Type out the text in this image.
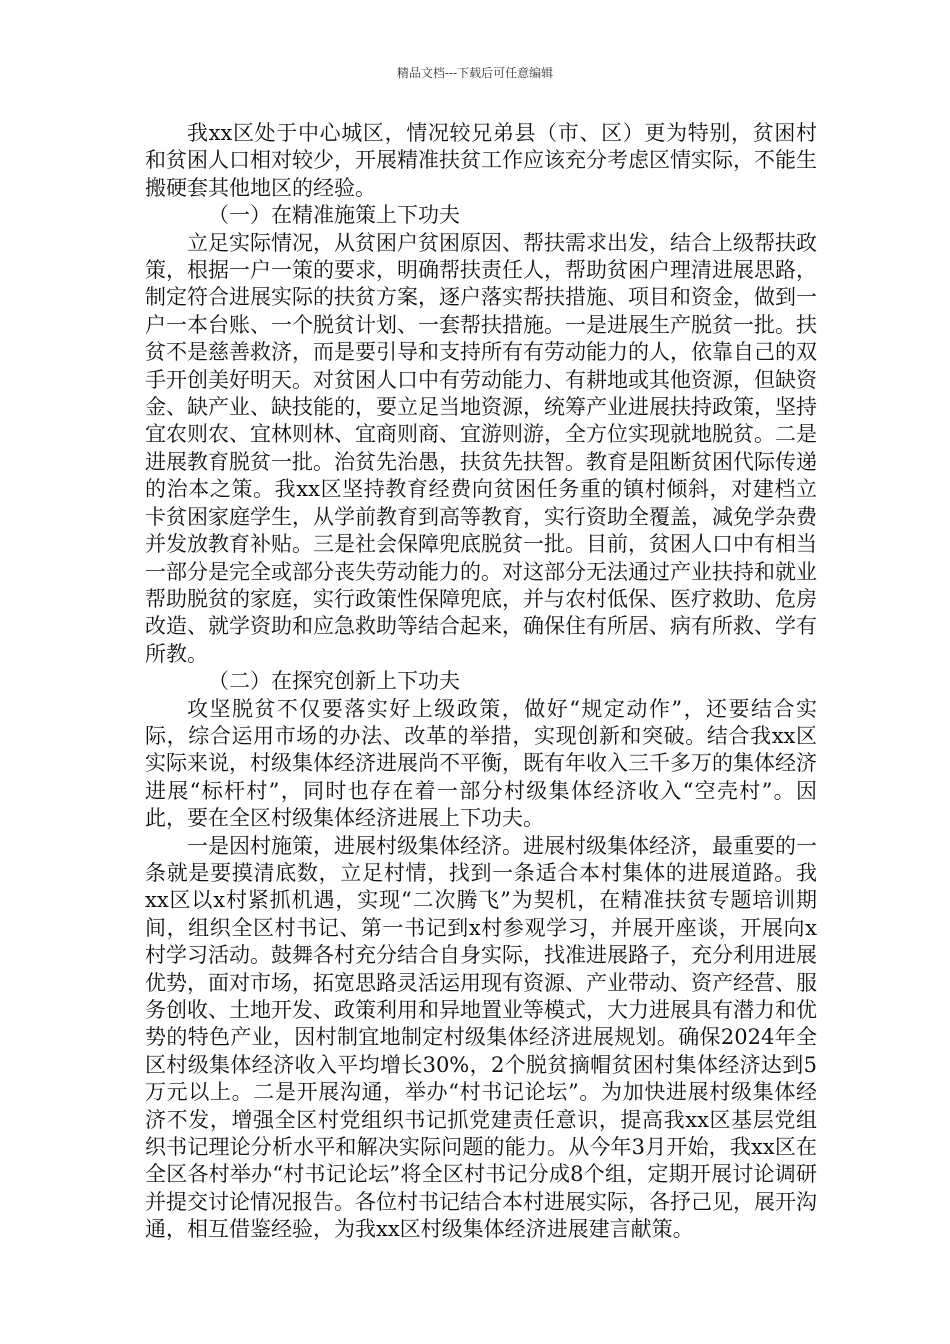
精品文档---下载后可任意编辑

我xx区处于中心城区，情况较兄弟县（市、区）更为特别，贫困村和贫困人口相对较少，开展精准扶贫工作应该充分考虑区情实际，不能生搬硬套其他地区的经验。

（一）在精准施策上下功夫

立足实际情况，从贫困户贫困原因、帮扶需求出发，结合上级帮扶政策，根据一户一策的要求，明确帮扶责任人，帮助贫困户理清进展思路，制定符合进展实际的扶贫方案，逐户落实帮扶措施、项目和资金，做到一户一本台账、一个脱贫计划、一套帮扶措施。一是进展生产脱贫一批。扶贫不是慈善救济，而是要引导和支持所有有劳动能力的人，依靠自己的双手开创美好明天。对贫困人口中有劳动能力、有耕地或其他资源，但缺资金、缺产业、缺技能的，要立足当地资源，统筹产业进展扶持政策，坚持宜农则农、宜林则林、宜商则商、宜游则游，全方位实现就地脱贫。二是进展教育脱贫一批。治贫先治愚，扶贫先扶智。教育是阻断贫困代际传递的治本之策。我xx区坚持教育经费向贫困任务重的镇村倾斜，对建档立卡贫困家庭学生，从学前教育到高等教育，实行资助全覆盖，减免学杂费并发放教育补贴。三是社会保障兜底脱贫一批。目前，贫困人口中有相当一部分是完全或部分丧失劳动能力的。对这部分无法通过产业扶持和就业帮助脱贫的家庭，实行政策性保障兜底，并与农村低保、医疗救助、危房改造、就学资助和应急救助等结合起来，确保住有所居、病有所救、学有所教。

（二）在探究创新上下功夫

攻坚脱贫不仅要落实好上级政策，做好“规定动作”，还要结合实际，综合运用市场的办法、改革的举措，实现创新和突破。结合我xx区实际来说，村级集体经济进展尚不平衡，既有年收入三千多万的集体经济进展“标杆村”，同时也存在着一部分村级集体经济收入“空壳村”。因此，要在全区村级集体经济进展上下功夫。

一是因村施策，进展村级集体经济。进展村级集体经济，最重要的一条就是要摸清底数，立足村情，找到一条适合本村集体的进展道路。我xx区以x村紧抓机遇，实现“二次腾飞”为契机，在精准扶贫专题培训期间，组织全区村书记、第一书记到x村参观学习，并展开座谈，开展向x村学习活动。鼓舞各村充分结合自身实际，找准进展路子，充分利用进展优势，面对市场，拓宽思路灵活运用现有资源、产业带动、资产经营、服务创收、土地开发、政策利用和异地置业等模式，大力进展具有潜力和优势的特色产业，因村制宜地制定村级集体经济进展规划。确保2024年全区村级集体经济收入平均增长30%，2个脱贫摘帽贫困村集体经济达到5万元以上。二是开展沟通，举办“村书记论坛”。为加快进展村级集体经济不发，增强全区村党组织书记抓党建责任意识，提高我xx区基层党组织书记理论分析水平和解决实际问题的能力。从今年3月开始，我xx区在全区各村举办“村书记论坛”将全区村书记分成8个组，定期开展讨论调研并提交讨论情况报告。各位村书记结合本村进展实际，各抒己见，展开沟通，相互借鉴经验，为我xx区村级集体经济进展建言献策。
